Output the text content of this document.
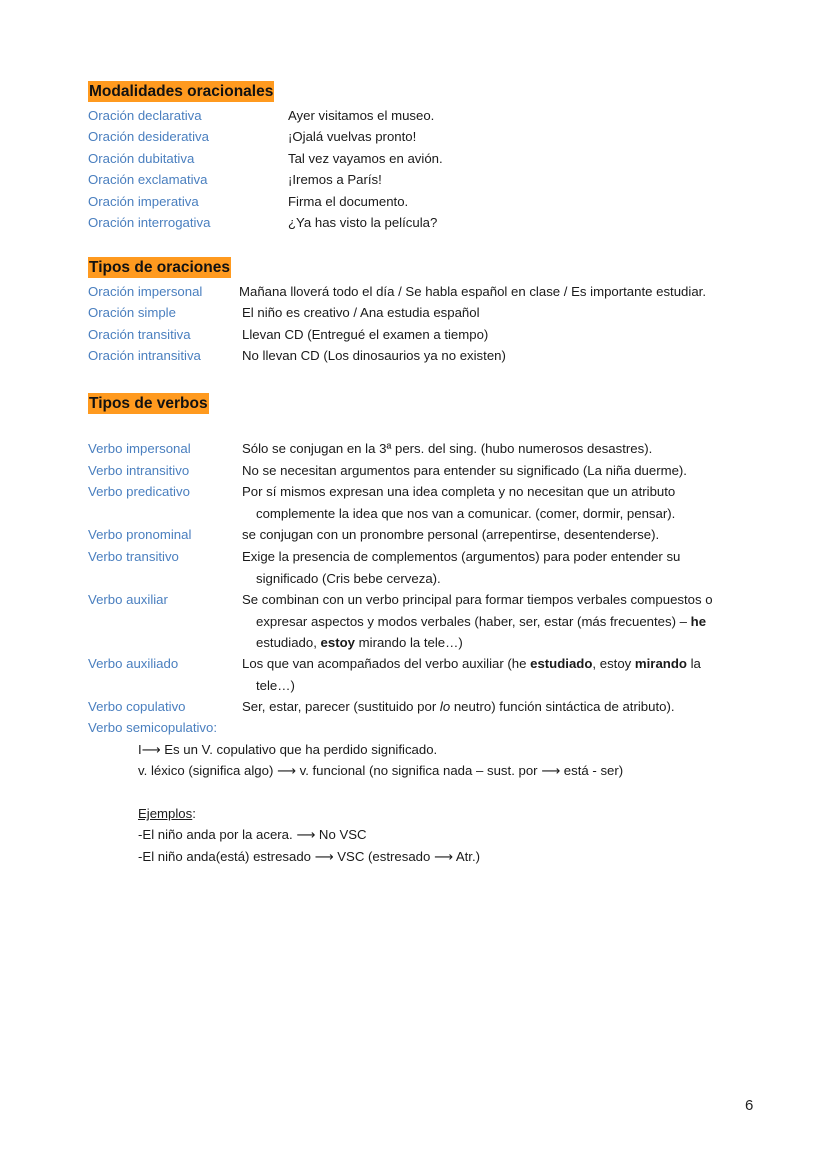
Modalidades oracionales
Oración declarativa	Ayer visitamos el museo.
Oración desiderativa	¡Ojalá vuelvas pronto!
Oración dubitativa	Tal vez vayamos en avión.
Oración exclamativa	¡Iremos a París!
Oración imperativa	Firma el documento.
Oración interrogativa	¿Ya has visto la película?
Tipos de oraciones
Oración impersonal	Mañana lloverá todo el día / Se habla español en clase / Es importante estudiar.
Oración simple	El niño es creativo / Ana estudia español
Oración transitiva	Llevan CD (Entregué el examen a tiempo)
Oración intransitiva	No llevan CD (Los dinosaurios ya no existen)
Tipos de verbos
Verbo impersonal	Sólo se conjugan en la 3ª pers. del sing. (hubo numerosos desastres).
Verbo intransitivo	No se necesitan argumentos para entender su significado (La niña duerme).
Verbo predicativo	Por sí mismos expresan una idea completa y no necesitan que un atributo
complemente la idea que nos van a comunicar. (comer, dormir, pensar).
Verbo pronominal	se conjugan con un pronombre personal (arrepentirse, desentenderse).
Verbo transitivo	Exige la presencia de complementos (argumentos) para poder entender su
significado (Cris bebe cerveza).
Verbo auxiliar	Se combinan con un verbo principal para formar tiempos verbales compuestos o
expresar aspectos y modos verbales (haber, ser, estar (más frecuentes) – he
estudiado, estoy mirando la tele…)
Verbo auxiliado	Los que van acompañados del verbo auxiliar (he estudiado, estoy mirando la
tele…)
Verbo copulativo	Ser, estar, parecer (sustituido por lo neutro) función sintáctica de atributo).
Verbo semicopulativo:
I⟶ Es un V. copulativo que ha perdido significado.
v. léxico (significa algo) ⟶ v. funcional (no significa nada – sust. por ⟶ está - ser)
Ejemplos:
-El niño anda por la acera. ⟶ No VSC
-El niño anda(está) estresado ⟶ VSC (estresado ⟶ Atr.)
6
